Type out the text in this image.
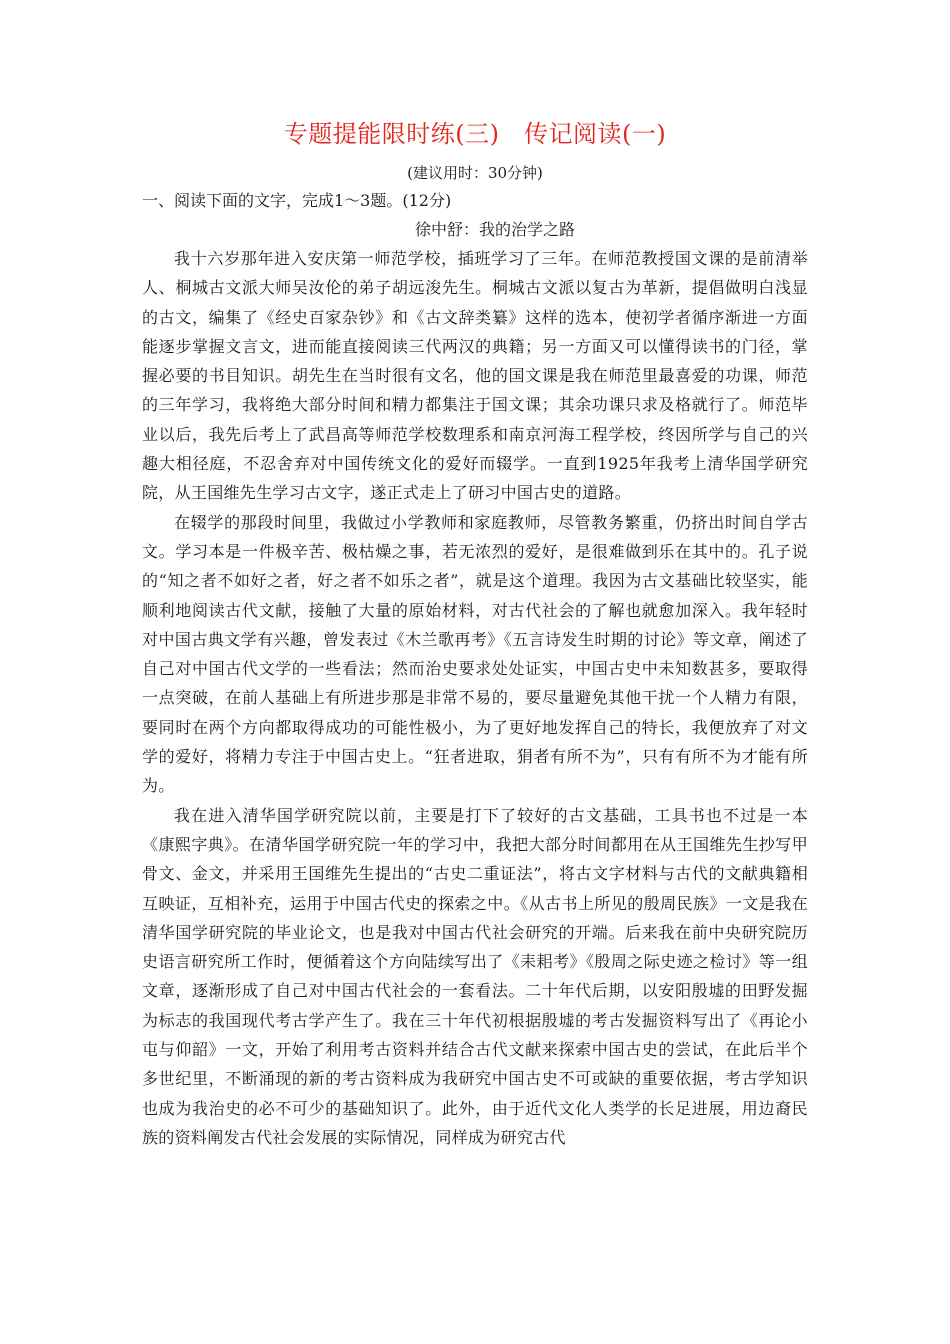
专题提能限时练(三)　传记阅读(一)

(建议用时：30分钟)

一、阅读下面的文字，完成1～3题。(12分)

徐中舒：我的治学之路

我十六岁那年进入安庆第一师范学校，插班学习了三年。在师范教授国文课的是前清举人、桐城古文派大师吴汝伦的弟子胡远浚先生。桐城古文派以复古为革新，提倡做明白浅显的古文，编集了《经史百家杂钞》和《古文辞类纂》这样的选本，使初学者循序渐进一方面能逐步掌握文言文，进而能直接阅读三代两汉的典籍；另一方面又可以懂得读书的门径，掌握必要的书目知识。胡先生在当时很有文名，他的国文课是我在师范里最喜爱的功课，师范的三年学习，我将绝大部分时间和精力都集注于国文课；其余功课只求及格就行了。师范毕业以后，我先后考上了武昌高等师范学校数理系和南京河海工程学校，终因所学与自己的兴趣大相径庭，不忍舍弃对中国传统文化的爱好而辍学。一直到1925年我考上清华国学研究院，从王国维先生学习古文字，遂正式走上了研习中国古史的道路。

在辍学的那段时间里，我做过小学教师和家庭教师，尽管教务繁重，仍挤出时间自学古文。学习本是一件极辛苦、极枯燥之事，若无浓烈的爱好，是很难做到乐在其中的。孔子说的“知之者不如好之者，好之者不如乐之者”，就是这个道理。我因为古文基础比较坚实，能顺利地阅读古代文献，接触了大量的原始材料，对古代社会的了解也就愈加深入。我年轻时对中国古典文学有兴趣，曾发表过《木兰歌再考》《五言诗发生时期的讨论》等文章，阐述了自己对中国古代文学的一些看法；然而治史要求处处证实，中国古史中未知数甚多，要取得一点突破，在前人基础上有所进步那是非常不易的，要尽量避免其他干扰一个人精力有限，要同时在两个方向都取得成功的可能性极小，为了更好地发挥自己的特长，我便放弃了对文学的爱好，将精力专注于中国古史上。“狂者进取，狷者有所不为”，只有有所不为才能有所为。

我在进入清华国学研究院以前，主要是打下了较好的古文基础，工具书也不过是一本《康熙字典》。在清华国学研究院一年的学习中，我把大部分时间都用在从王国维先生抄写甲骨文、金文，并采用王国维先生提出的“古史二重证法”，将古文字材料与古代的文献典籍相互映证，互相补充，运用于中国古代史的探索之中。《从古书上所见的殷周民族》一文是我在清华国学研究院的毕业论文，也是我对中国古代社会研究的开端。后来我在前中央研究院历史语言研究所工作时，便循着这个方向陆续写出了《耒耜考》《殷周之际史迹之检讨》等一组文章，逐渐形成了自己对中国古代社会的一套看法。二十年代后期，以安阳殷墟的田野发掘为标志的我国现代考古学产生了。我在三十年代初根据殷墟的考古发掘资料写出了《再论小屯与仰韶》一文，开始了利用考古资料并结合古代文献来探索中国古史的尝试，在此后半个多世纪里，不断涌现的新的考古资料成为我研究中国古史不可或缺的重要依据，考古学知识也成为我治史的必不可少的基础知识了。此外，由于近代文化人类学的长足进展，用边裔民族的资料阐发古代社会发展的实际情况，同样成为研究古代
